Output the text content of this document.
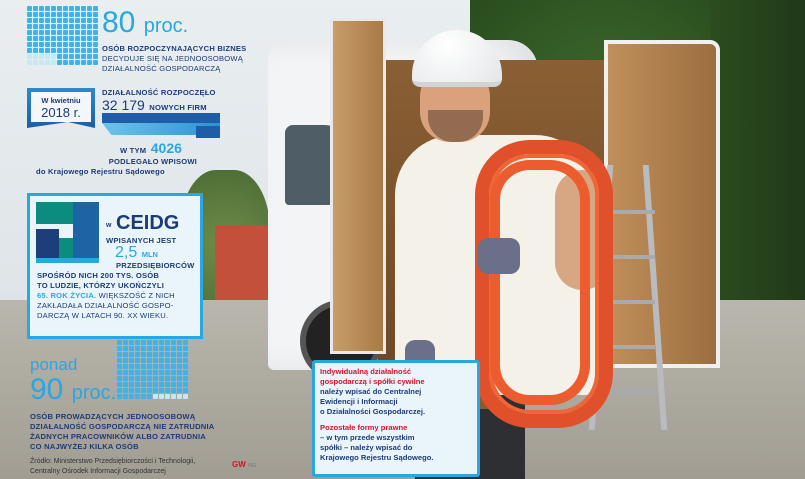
80 proc.
OSÓB ROZPOCZYNAJĄCYCH BIZNES
DECYDUJE SIĘ NA JEDNOOSOBOWĄ
DZIAŁALNOŚĆ GOSPODARCZĄ
W kwietniu
2018 r.
DZIAŁALNOŚĆ ROZPOCZĘŁO
32 179 NOWYCH FIRM
W TYM 4026
PODLEGAŁO WPISOWI
do Krajowego Rejestru Sądowego
w CEIDG
WPISANYCH JEST
2,5 MLN
PRZEDSIĘBIORCÓW
SPOŚRÓD NICH 200 TYS. OSÓB
TO LUDZIE, KTÓRZY UKOŃCZYLI
65. ROK ŻYCIA. WIĘKSZOŚĆ Z NICH
ZAKŁADAŁA DZIAŁALNOŚĆ GOSPO-
DARCZĄ W LATACH 90. XX WIEKU.
ponad
90 proc.
OSÓB PROWADZĄCYCH JEDNOOSOBOWĄ
DZIAŁALNOŚĆ GOSPODARCZĄ NIE ZATRUDNIA
ŻADNYCH PRACOWNIKÓW ALBO ZATRUDNIA
CO NAJWYŻEJ KILKA OSÓB
Indywidualną działalność
gospodarczą i spółki cywilne
należy wpisać do Centralnej
Ewidencji i Informacji
o Działalności Gospodarczej.
Pozostałe formy prawne
– w tym przede wszystkim
spółki – należy wpisać do
Krajowego Rejestru Sądowego.
Źródło: Ministerstwo Przedsiębiorczości i Technologii,
Centralny Ośrodek Informacji Gospodarczej
GW NG
